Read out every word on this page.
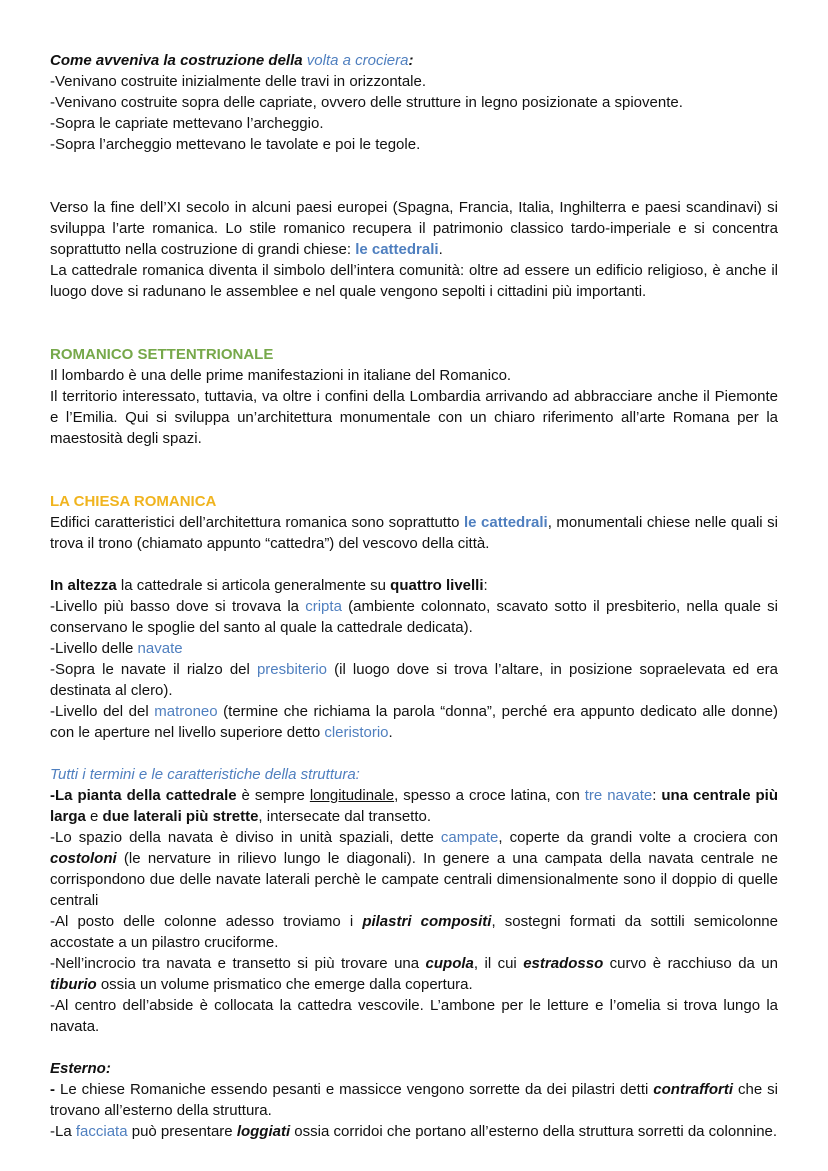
Come avveniva la costruzione della volta a crociera:

-Venivano costruite inizialmente delle travi in orizzontale.

-Venivano costruite sopra delle capriate, ovvero delle strutture in legno posizionate a spiovente.

-Sopra le capriate mettevano l’archeggio.

-Sopra l’archeggio mettevano le tavolate e poi le tegole.

Verso la fine dell’XI secolo in alcuni paesi europei (Spagna, Francia, Italia, Inghilterra e paesi scandinavi) si sviluppa l’arte romanica. Lo stile romanico recupera il patrimonio classico tardo-imperiale e si concentra soprattutto nella costruzione di grandi chiese: le cattedrali.

La cattedrale romanica diventa il simbolo dell’intera comunità: oltre ad essere un edificio religioso, è anche il luogo dove si radunano le assemblee e nel quale vengono sepolti i cittadini più importanti.

ROMANICO SETTENTRIONALE

Il lombardo è una delle prime manifestazioni in italiane del Romanico.

Il territorio interessato, tuttavia, va oltre i confini della Lombardia arrivando ad abbracciare anche il Piemonte e l’Emilia. Qui si sviluppa un’architettura monumentale con un chiaro riferimento all’arte Romana per la maestosità degli spazi.

LA CHIESA ROMANICA

Edifici caratteristici dell’architettura romanica sono soprattutto le cattedrali, monumentali chiese nelle quali si trova il trono (chiamato appunto “cattedra”) del vescovo della città.

In altezza la cattedrale si articola generalmente su quattro livelli:

-Livello più basso dove si trovava la cripta (ambiente colonnato, scavato sotto il presbiterio, nella quale si conservano le spoglie del santo al quale la cattedrale dedicata).

-Livello delle navate

-Sopra le navate il rialzo del presbiterio (il luogo dove si trova l’altare, in posizione sopraelevata ed era destinata al clero).

-Livello del del matroneo (termine che richiama la parola “donna”, perché era appunto dedicato alle donne) con le aperture nel livello superiore detto cleristorio.

Tutti i termini e le caratteristiche della struttura:

-La pianta della cattedrale è sempre longitudinale, spesso a croce latina, con tre navate: una centrale più larga e due laterali più strette, intersecate dal transetto.

-Lo spazio della navata è diviso in unità spaziali, dette campate, coperte da grandi volte a crociera con costoloni (le nervature in rilievo lungo le diagonali). In genere a una campata della navata centrale ne corrispondono due delle navate laterali perchè le campate centrali dimensionalmente sono il doppio di quelle centrali

-Al posto delle colonne adesso troviamo i pilastri compositi, sostegni formati da sottili semicolonne accostate a un pilastro cruciforme.

-Nell’incrocio tra navata e transetto si più trovare una cupola, il cui estradosso curvo è racchiuso da un tiburio ossia un volume prismatico che emerge dalla copertura.

-Al centro dell’abside è collocata la cattedra vescovile. L’ambone per le letture e l’omelia si trova lungo la navata.

Esterno:

- Le chiese Romaniche essendo pesanti e massicce vengono sorrette da dei pilastri detti contrafforti che si trovano all’esterno della struttura.

-La facciata può presentare loggiati ossia corridoi che portano all’esterno della struttura sorretti da colonnine.
